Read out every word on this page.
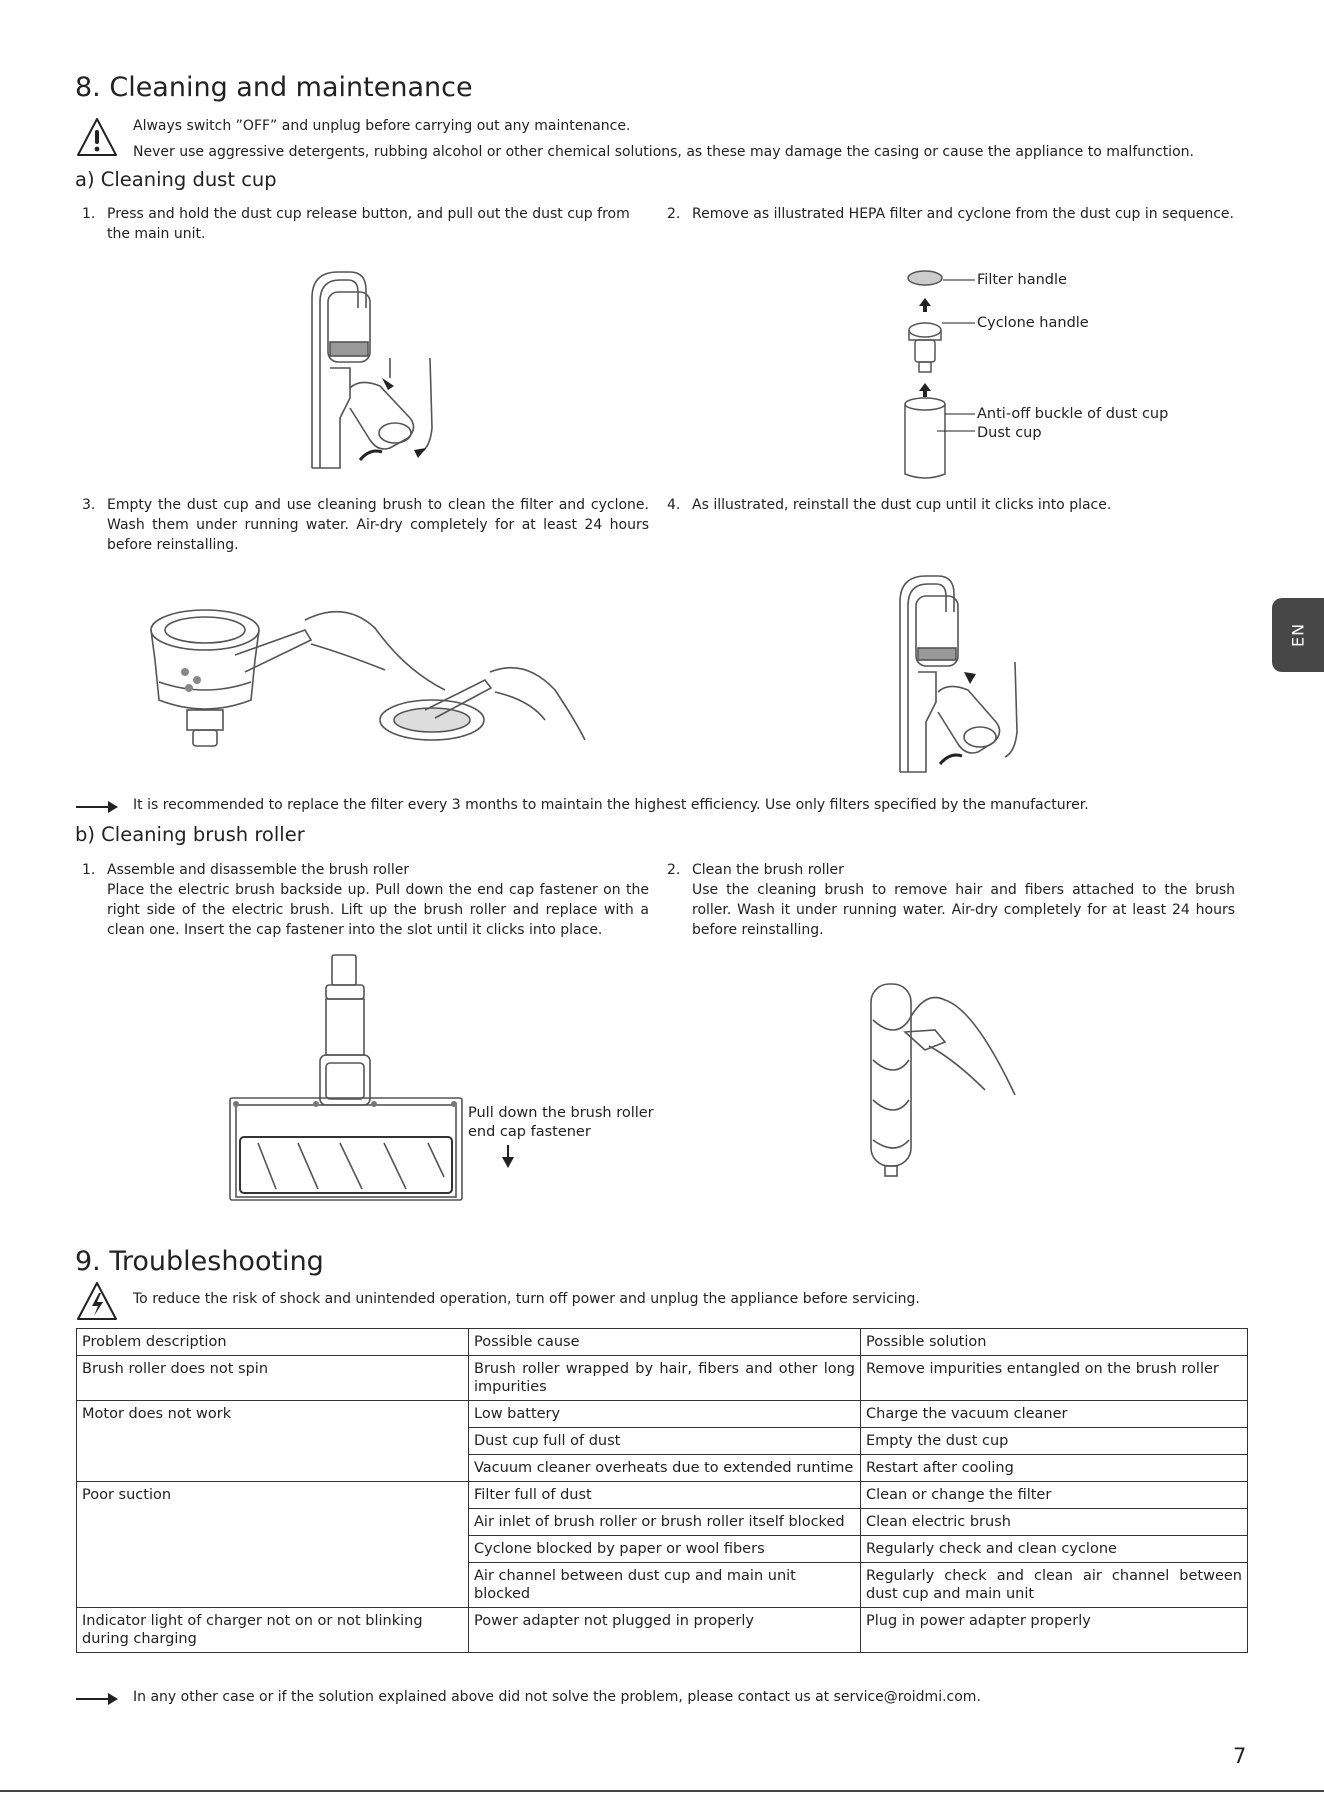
8. Cleaning and maintenance
Always switch ”OFF” and unplug before carrying out any maintenance.
Never use aggressive detergents, rubbing alcohol or other chemical solutions, as these may damage the casing or cause the appliance to malfunction.
a) Cleaning dust cup
1. Press and hold the dust cup release button, and pull out the dust cup from the main unit.
2. Remove as illustrated HEPA filter and cyclone from the dust cup in sequence.
Filter handle
Cyclone handle
Anti-off buckle of dust cup
Dust cup
3. Empty the dust cup and use cleaning brush to clean the filter and cyclone. Wash them under running water. Air-dry completely for at least 24 hours before reinstalling.
4. As illustrated, reinstall the dust cup until it clicks into place.
It is recommended to replace the filter every 3 months to maintain the highest efficiency. Use only filters specified by the manufacturer.
b) Cleaning brush roller
1. Assemble and disassemble the brush roller
Place the electric brush backside up. Pull down the end cap fastener on the right side of the electric brush. Lift up the brush roller and replace with a clean one. Insert the cap fastener into the slot until it clicks into place.
2. Clean the brush roller
Use the cleaning brush to remove hair and fibers attached to the brush roller. Wash it under running water. Air-dry completely for at least 24 hours before reinstalling.
Pull down the brush roller
end cap fastener
9. Troubleshooting
To reduce the risk of shock and unintended operation, turn off power and unplug the appliance before servicing.
Problem description	Possible cause	Possible solution
Brush roller does not spin	Brush roller wrapped by hair, fibers and other long impurities	Remove impurities entangled on the brush roller
Motor does not work	Low battery	Charge the vacuum cleaner
	Dust cup full of dust	Empty the dust cup
	Vacuum cleaner overheats due to extended runtime	Restart after cooling
Poor suction	Filter full of dust	Clean or change the filter
	Air inlet of brush roller or brush roller itself blocked	Clean electric brush
	Cyclone blocked by paper or wool fibers	Regularly check and clean cyclone
	Air channel between dust cup and main unit blocked	Regularly check and clean air channel between dust cup and main unit
Indicator light of charger not on or not blinking during charging	Power adapter not plugged in properly	Plug in power adapter properly
In any other case or if the solution explained above did not solve the problem, please contact us at service@roidmi.com.
EN
7
